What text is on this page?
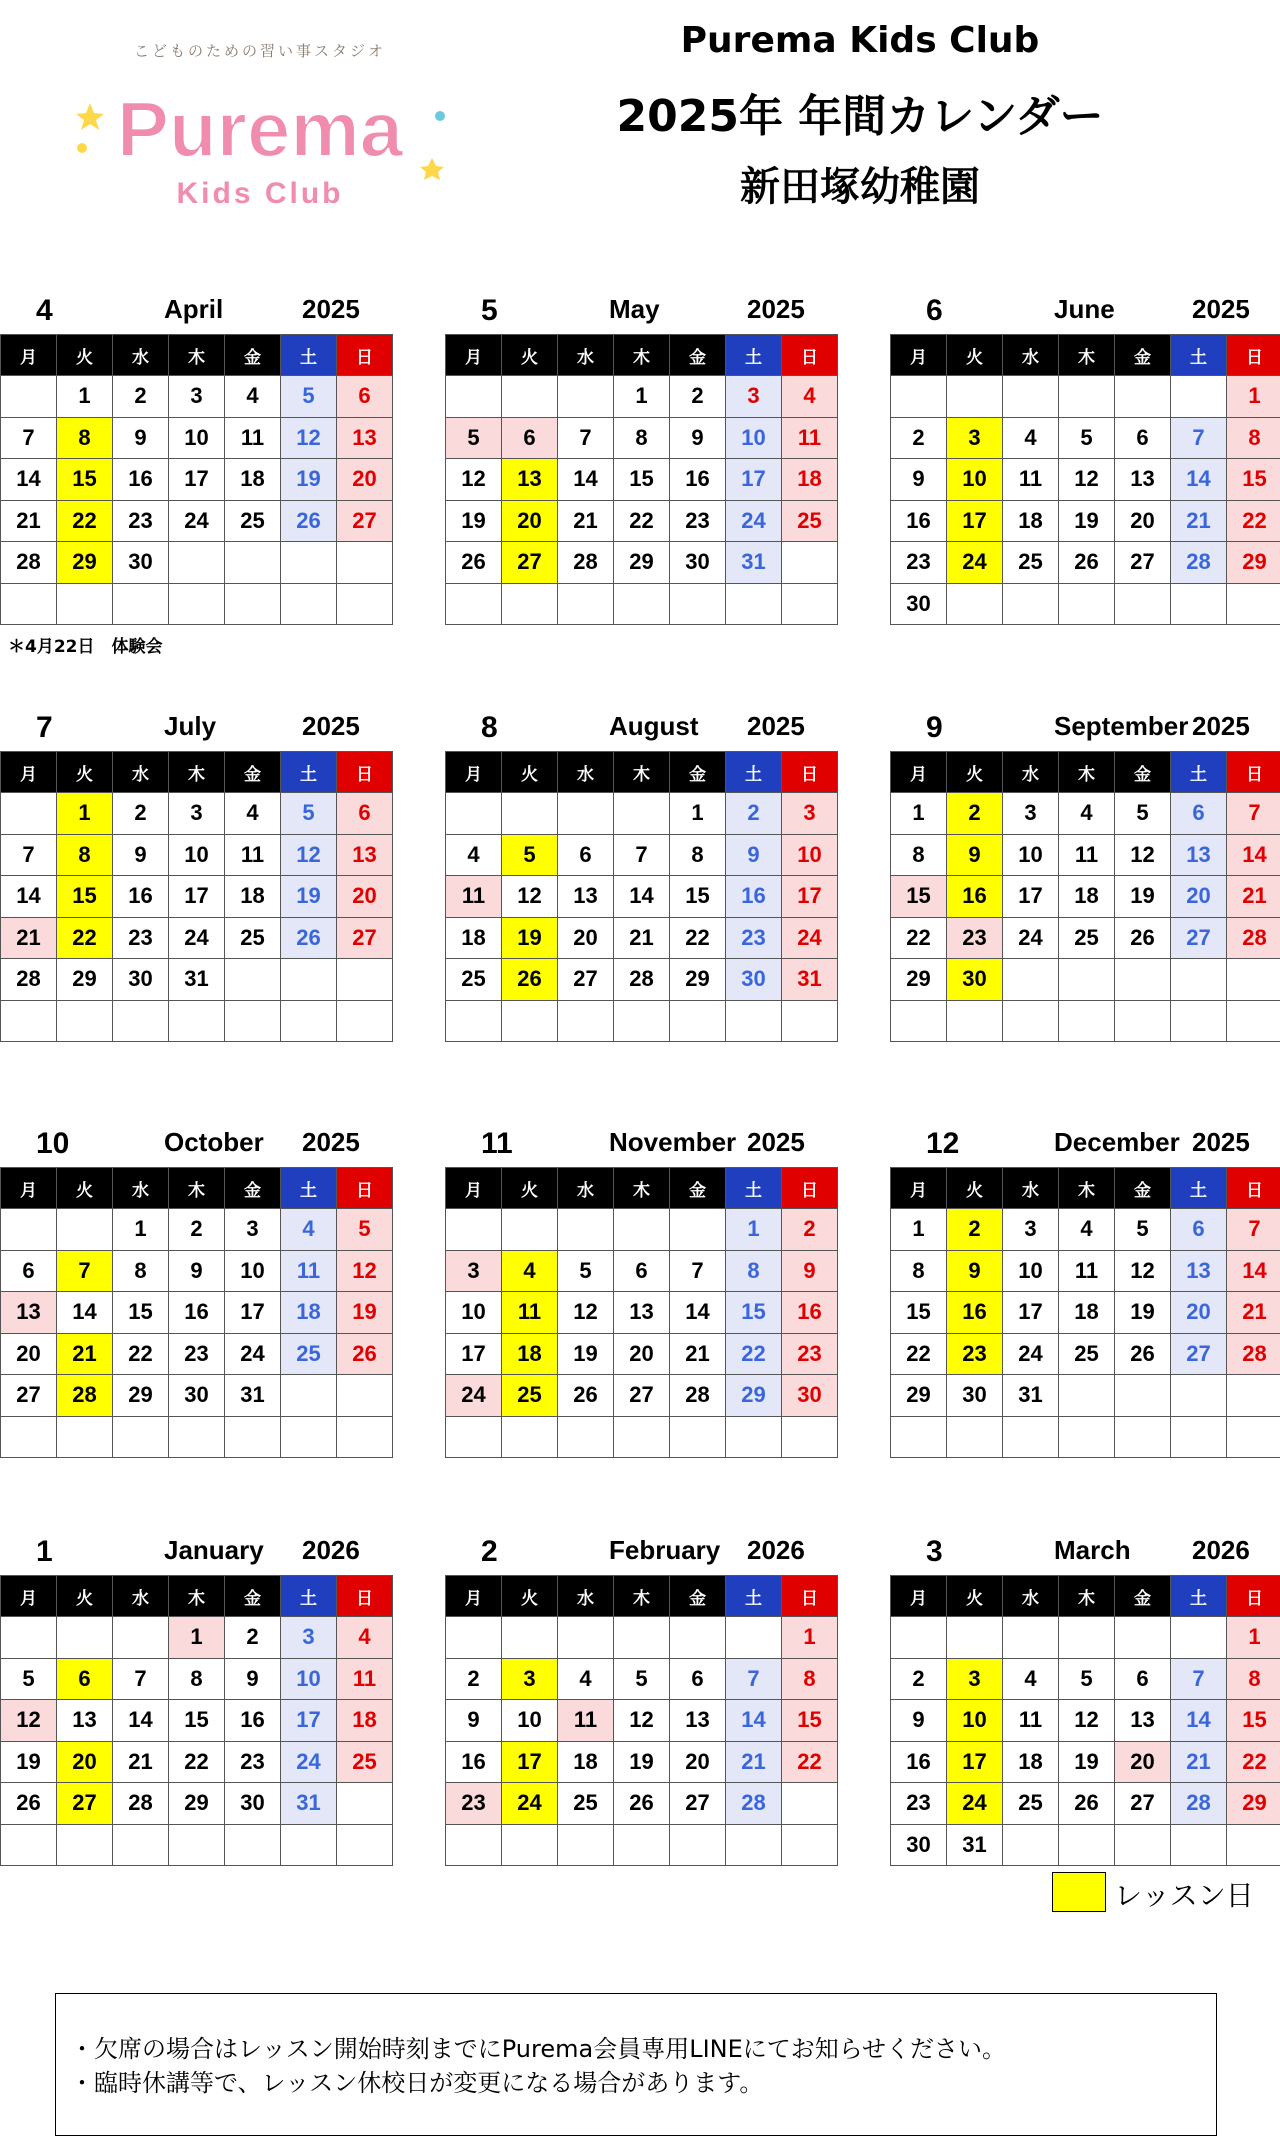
こどものための習い事スタジオ
Purema
Kids Club
Purema Kids Club
2025年 年間カレンダー
新田塚幼稚園
4	April	2025
月	火	水	木	金	土	日
	1	2	3	4	5	6
7	8	9	10	11	12	13
14	15	16	17	18	19	20
21	22	23	24	25	26	27
28	29	30				

＊4月22日　体験会
5	May	2025
月	火	水	木	金	土	日
			1	2	3	4
5	6	7	8	9	10	11
12	13	14	15	16	17	18
19	20	21	22	23	24	25
26	27	28	29	30	31	

6	June	2025
月	火	水	木	金	土	日
						1
2	3	4	5	6	7	8
9	10	11	12	13	14	15
16	17	18	19	20	21	22
23	24	25	26	27	28	29
30						
7	July	2025
月	火	水	木	金	土	日
	1	2	3	4	5	6
7	8	9	10	11	12	13
14	15	16	17	18	19	20
21	22	23	24	25	26	27
28	29	30	31			

8	August 2025
月	火	水	木	金	土	日
				1	2	3
4	5	6	7	8	9	10
11	12	13	14	15	16	17
18	19	20	21	22	23	24
25	26	27	28	29	30	31

9	September 2025
月	火	水	木	金	土	日
1	2	3	4	5	6	7
8	9	10	11	12	13	14
15	16	17	18	19	20	21
22	23	24	25	26	27	28
29	30					

10	October 2025
月	火	水	木	金	土	日
		1	2	3	4	5
6	7	8	9	10	11	12
13	14	15	16	17	18	19
20	21	22	23	24	25	26
27	28	29	30	31		

11	November 2025
月	火	水	木	金	土	日
					1	2
3	4	5	6	7	8	9
10	11	12	13	14	15	16
17	18	19	20	21	22	23
24	25	26	27	28	29	30

12	December 2025
月	火	水	木	金	土	日
1	2	3	4	5	6	7
8	9	10	11	12	13	14
15	16	17	18	19	20	21
22	23	24	25	26	27	28
29	30	31				

1	January 2026
月	火	水	木	金	土	日
			1	2	3	4
5	6	7	8	9	10	11
12	13	14	15	16	17	18
19	20	21	22	23	24	25
26	27	28	29	30	31	

2	February 2026
月	火	水	木	金	土	日
						1
2	3	4	5	6	7	8
9	10	11	12	13	14	15
16	17	18	19	20	21	22
23	24	25	26	27	28	

3	March 2026
月	火	水	木	金	土	日
						1
2	3	4	5	6	7	8
9	10	11	12	13	14	15
16	17	18	19	20	21	22
23	24	25	26	27	28	29
30	31					
レッスン日
・欠席の場合はレッスン開始時刻までにPurema会員専用LINEにてお知らせください。
・臨時休講等で、レッスン休校日が変更になる場合があります。
